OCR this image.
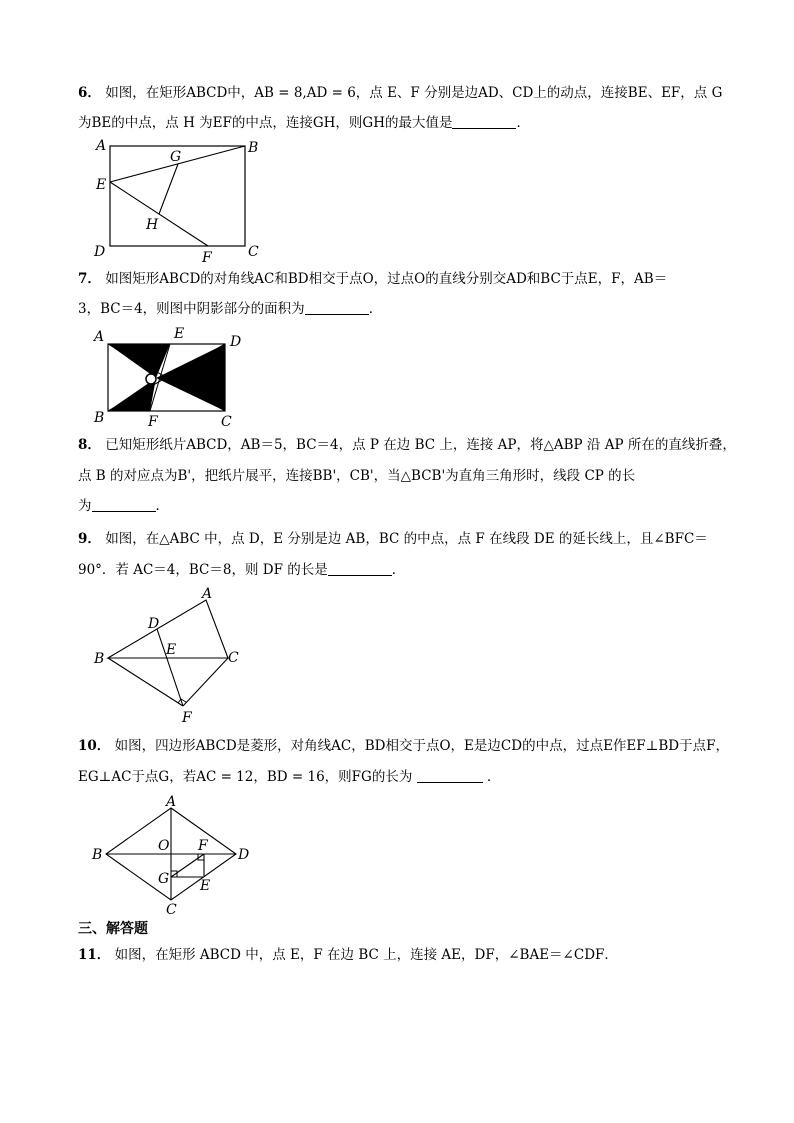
6． 如图，在矩形ABCD中，AB = 8,AD = 6，点 E、F 分别是边AD、CD上的动点，连接BE、EF，点 G
为BE的中点，点 H 为EF的中点，连接GH，则GH的最大值是	．
A	B
C
D
E
F
G
H
7． 如图矩形ABCD的对角线AC和BD相交于点O，过点O的直线分别交AD和BC于点E，F，AB＝
3，BC＝4，则图中阴影部分的面积为	．
A	D
B	C
E
F
8． 已知矩形纸片ABCD，AB＝5，BC＝4，点 P 在边 BC 上，连接 AP，将△ABP 沿 AP 所在的直线折叠，
点 B 的对应点为B'，把纸片展平，连接BB'，CB'，当△BCB'为直角三角形时，线段 CP 的长
为	．
9． 如图，在△ABC 中，点 D，E 分别是边 AB，BC 的中点，点 F 在线段 DE 的延长线上，且∠BFC＝
90°．若 AC＝4，BC＝8，则 DF 的长是	．
A
B	C
D
E
F
10． 如图，四边形ABCD是菱形，对角线AC，BD相交于点O，E是边CD的中点，过点E作EF⊥BD于点F，
EG⊥AC于点G，若AC = 12，BD = 16，则FG的长为	．
A
B
C
D
O F
E
G
三、解答题
11． 如图，在矩形 ABCD 中，点 E，F 在边 BC 上，连接 AE，DF，∠BAE＝∠CDF．
